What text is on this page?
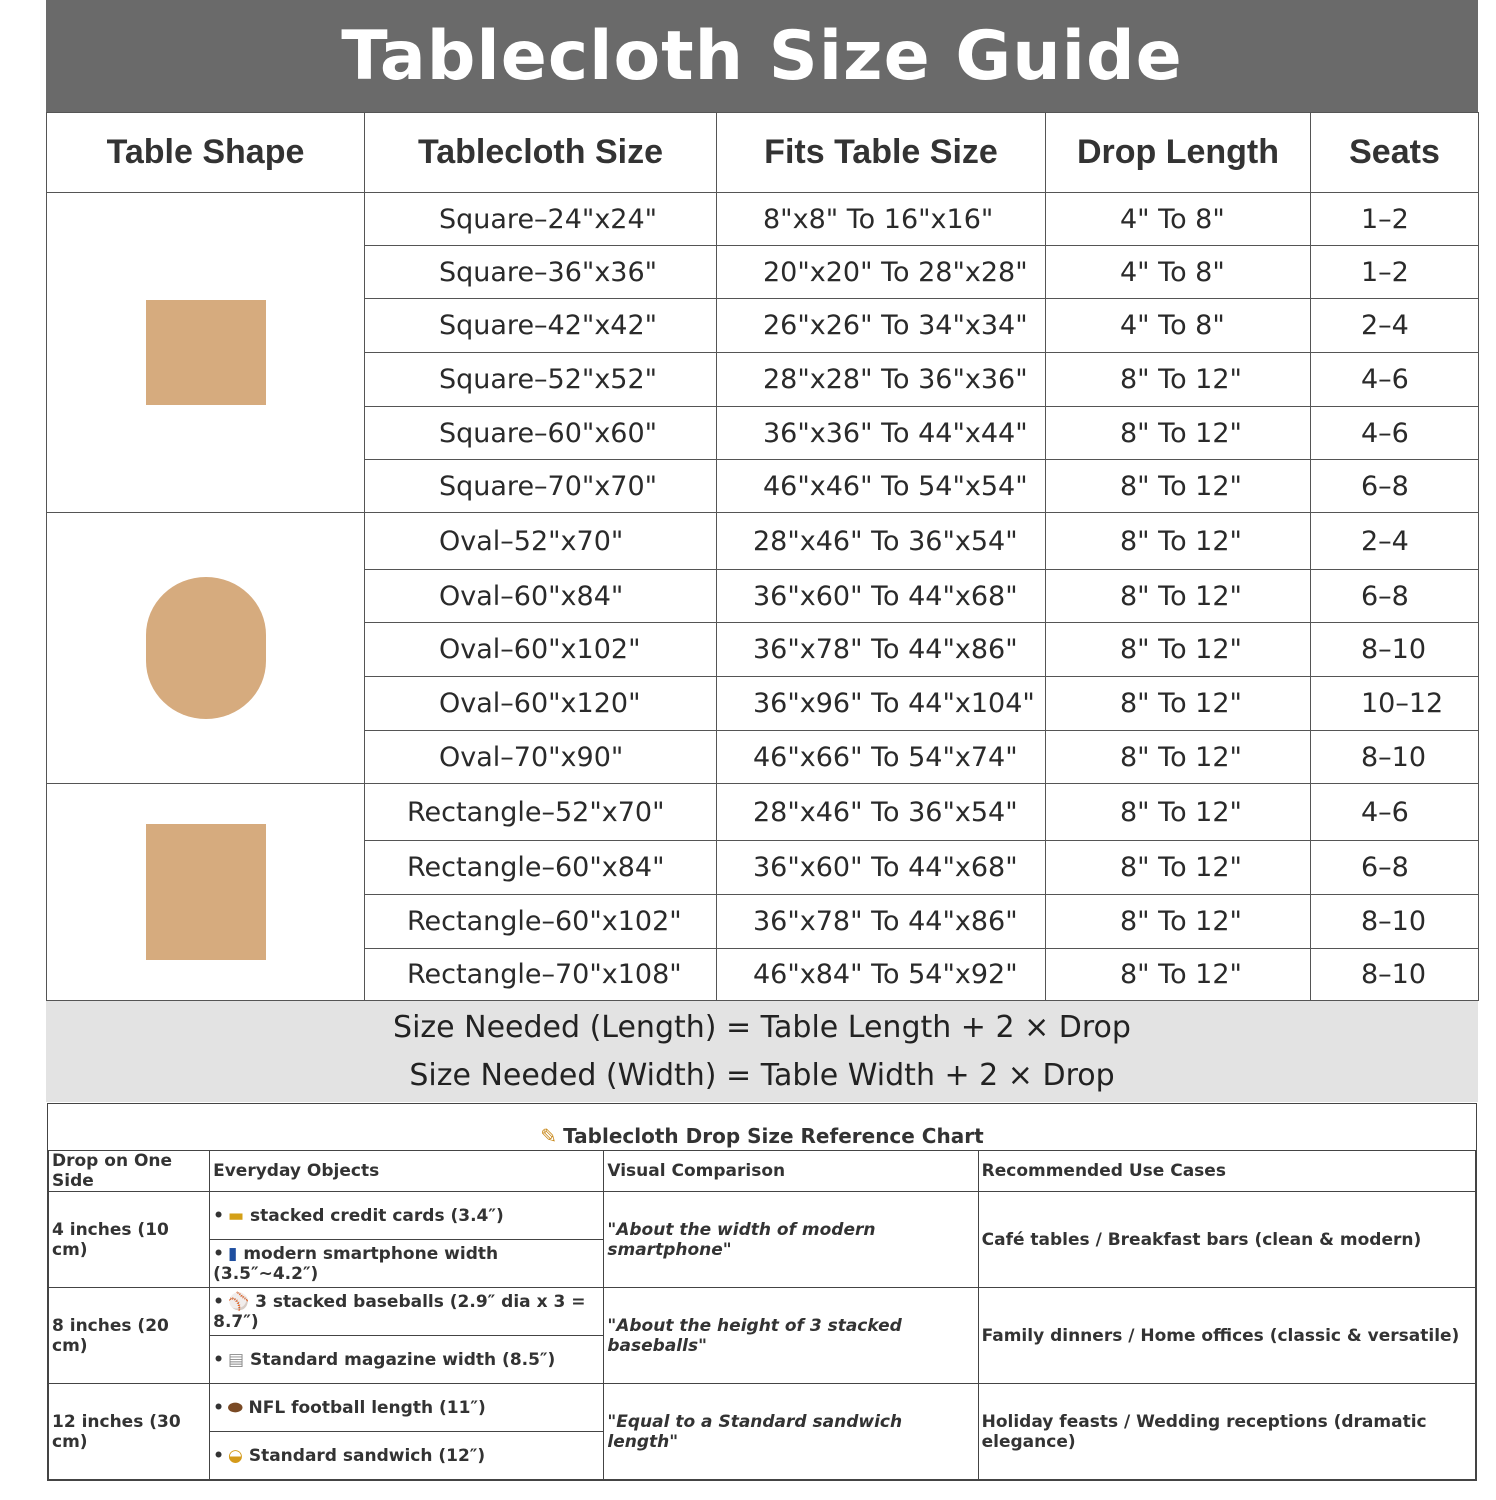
Tablecloth Size Guide
Table Shape	Tablecloth Size	Fits Table Size	Drop Length	Seats

	Square–24"x24"	8"x8" To 16"x16"	4" To 8"	1–2
	Square–36"x36"	20"x20" To 28"x28"	4" To 8"	1–2
	Square–42"x42"	26"x26" To 34"x34"	4" To 8"	2–4
	Square–52"x52"	28"x28" To 36"x36"	8" To 12"	4–6
	Square–60"x60"	36"x36" To 44"x44"	8" To 12"	4–6
	Square–70"x70"	46"x46" To 54"x54"	8" To 12"	6–8

	Oval–52"x70"	28"x46" To 36"x54"	8" To 12"	2–4
	Oval–60"x84"	36"x60" To 44"x68"	8" To 12"	6–8
	Oval–60"x102"	36"x78" To 44"x86"	8" To 12"	8–10
	Oval–60"x120"	36"x96" To 44"x104"	8" To 12"	10–12
	Oval–70"x90"	46"x66" To 54"x74"	8" To 12"	8–10

	Rectangle–52"x70"	28"x46" To 36"x54"	8" To 12"	4–6
	Rectangle–60"x84"	36"x60" To 44"x68"	8" To 12"	6–8
	Rectangle–60"x102"	36"x78" To 44"x86"	8" To 12"	8–10
	Rectangle–70"x108"	46"x84" To 54"x92"	8" To 12"	8–10
Size Needed (Length) = Table Length + 2 × Drop
Size Needed (Width) = Table Width + 2 × Drop
✎ Tablecloth Drop Size Reference Chart
Drop on One Side	Everyday Objects	Visual Comparison	Recommended Use Cases
4 inches (10 cm)	• ▬ stacked credit cards (3.4″)	"About the width of modern smartphone"	Café tables / Breakfast bars (clean & modern)
	• ▮ modern smartphone width (3.5″~4.2″)		
8 inches (20 cm)	• ⚾ 3 stacked baseballs (2.9″ dia x 3 = 8.7″)	"About the height of 3 stacked baseballs"	Family dinners / Home offices (classic & versatile)
	• ▤ Standard magazine width (8.5″)		
12 inches (30 cm)	• ⬬ NFL football length (11″)	"Equal to a Standard sandwich length"	Holiday feasts / Wedding receptions (dramatic elegance)
	• ◒ Standard sandwich (12″)		
